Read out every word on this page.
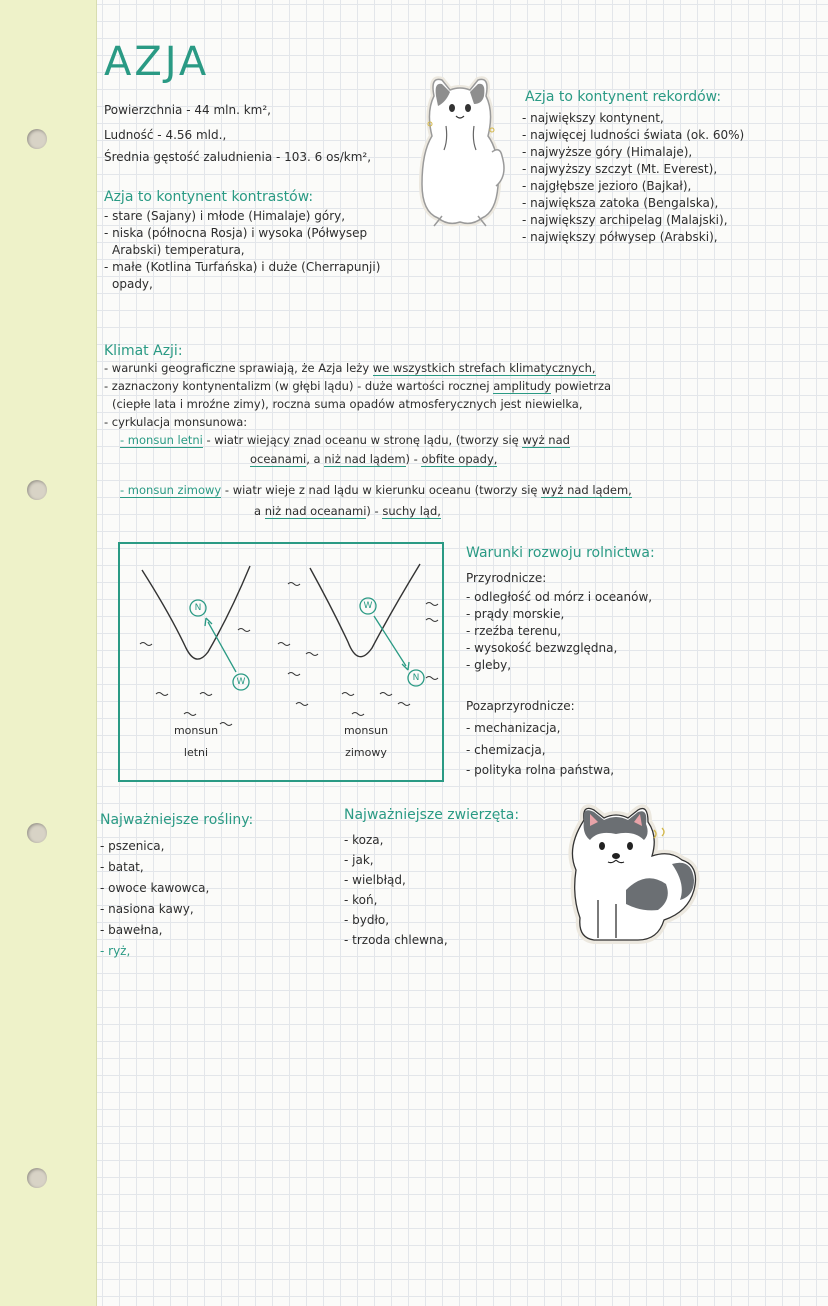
AZJA
Powierzchnia - 44 mln. km²,
Ludność - 4.56 mld.,
Średnia gęstość zaludnienia - 103. 6 os/km²,
Azja to kontynent kontrastów:
- stare (Sajany) i młode (Himalaje) góry,
- niska (północna Rosja) i wysoka (Półwysep
Arabski) temperatura,
- małe (Kotlina Turfańska) i duże (Cherrapunji)
opady,
Azja to kontynent rekordów:
- największy kontynent,
- najwięcej ludności świata (ok. 60%)
- najwyższe góry (Himalaje),
- najwyższy szczyt (Mt. Everest),
- najgłębsze jezioro (Bajkał),
- największa zatoka (Bengalska),
- największy archipelag (Malajski),
- największy półwysep (Arabski),
Klimat Azji:
- warunki geograficzne sprawiają, że Azja leży we wszystkich strefach klimatycznych,
- zaznaczony kontynentalizm (w głębi lądu) - duże wartości rocznej amplitudy powietrza
(ciepłe lata i mroźne zimy), roczna suma opadów atmosferycznych jest niewielka,
- cyrkulacja monsunowa:
- monsun letni - wiatr wiejący znad oceanu w stronę lądu, (tworzy się wyż nad
oceanami, a niż nad lądem) - obfite opady,
- monsun zimowy - wiatr wieje z nad lądu w kierunku oceanu (tworzy się wyż nad lądem,
a niż nad oceanami) - suchy ląd,
N
W
W
N
monsun
letni
monsun
zimowy
Warunki rozwoju rolnictwa:
Przyrodnicze:
- odległość od mórz i oceanów,
- prądy morskie,
- rzeźba terenu,
- wysokość bezwzględna,
- gleby,
Pozaprzyrodnicze:
- mechanizacja,
- chemizacja,
- polityka rolna państwa,
Najważniejsze rośliny:
- pszenica,
- batat,
- owoce kawowca,
- nasiona kawy,
- bawełna,
- ryż,
Najważniejsze zwierzęta:
- koza,
- jak,
- wielbłąd,
- koń,
- bydło,
- trzoda chlewna,
